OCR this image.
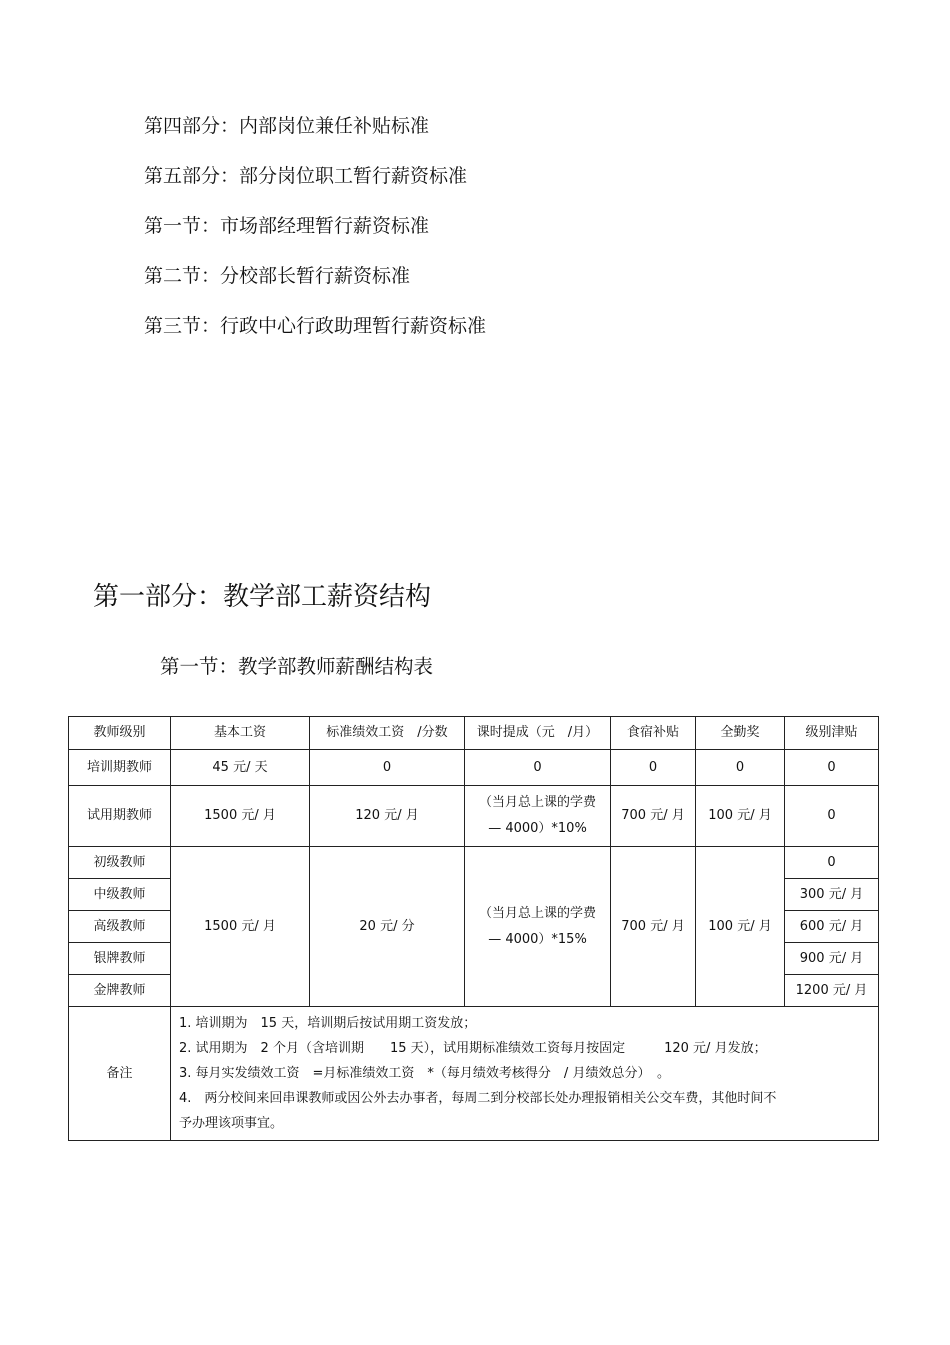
第四部分：内部岗位兼任补贴标准
第五部分：部分岗位职工暂行薪资标准
第一节：市场部经理暂行薪资标准
第二节：分校部长暂行薪资标准
第三节：行政中心行政助理暂行薪资标准
第一部分：教学部工薪资结构
第一节：教学部教师薪酬结构表
教师级别	基本工资	标准绩效工资　/分数	课时提成（元　/月）	食宿补贴	全勤奖	级别津贴
培训期教师	45 元/ 天	0	0	0	0	0
试用期教师	1500 元/ 月	120 元/ 月	（当月总上课的学费— 4000）*10%	700 元/ 月	100 元/ 月	0
初级教师	1500 元/ 月	20 元/ 分	（当月总上课的学费— 4000）*15%	700 元/ 月	100 元/ 月	0
中级教师						300 元/ 月
高级教师						600 元/ 月
银牌教师						900 元/ 月
金牌教师						1200 元/ 月
备注	1. 培训期为　15 天，培训期后按试用期工资发放；
2. 试用期为　2 个月（含培训期　　15 天），试用期标准绩效工资每月按固定　　　120 元/ 月发放；
3. 每月实发绩效工资　=月标准绩效工资　*（每月绩效考核得分　/ 月绩效总分）　。
4.　两分校间来回串课教师或因公外去办事者，每周二到分校部长处办理报销相关公交车费，其他时间不予办理该项事宜。					
